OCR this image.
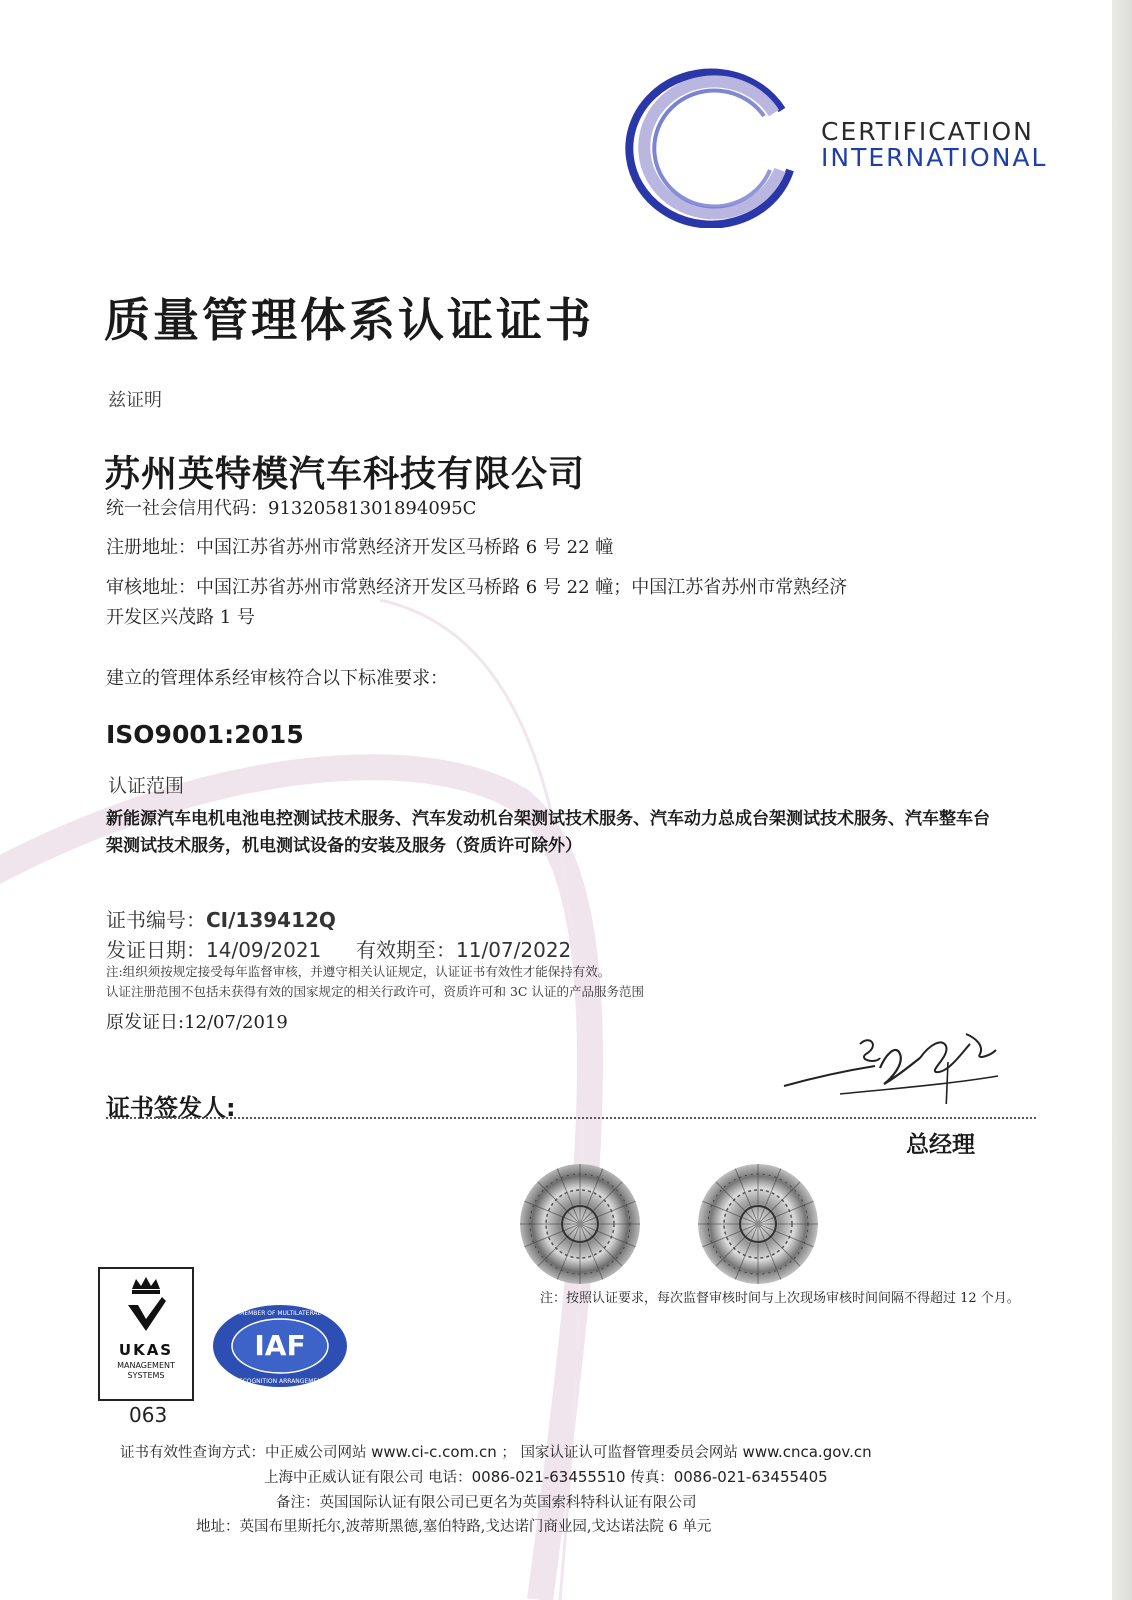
CERTIFICATION
INTERNATIONAL
质量管理体系认证证书
兹证明
苏州英特模汽车科技有限公司
统一社会信用代码：91320581301894095C
注册地址：中国江苏省苏州市常熟经济开发区马桥路 6 号 22 幢
审核地址：中国江苏省苏州市常熟经济开发区马桥路 6 号 22 幢；中国江苏省苏州市常熟经济
开发区兴茂路 1 号
建立的管理体系经审核符合以下标准要求：
ISO9001:2015
认证范围
新能源汽车电机电池电控测试技术服务、汽车发动机台架测试技术服务、汽车动力总成台架测试技术服务、汽车整车台架测试技术服务，机电测试设备的安装及服务（资质许可除外）
证书编号：CI/139412Q
发证日期：14/09/2021 有效期至：11/07/2022
注:组织须按规定接受每年监督审核，并遵守相关认证规定，认证证书有效性才能保持有效。
认证注册范围不包括未获得有效的国家规定的相关行政许可，资质许可和 3C 认证的产品服务范围
原发证日:12/07/2019
证书签发人:
总经理
注：按照认证要求，每次监督审核时间与上次现场审核时间间隔不得超过 12 个月。
UKAS
MANAGEMENT
SYSTEMS
IAF
MEMBER OF MULTILATERAL
RECOGNITION ARRANGEMENT
063
证书有效性查询方式：中正威公司网站 www.ci-c.com.cn ； 国家认证认可监督管理委员会网站 www.cnca.gov.cn
上海中正威认证有限公司 电话：0086-021-63455510 传真：0086-021-63455405
备注：英国国际认证有限公司已更名为英国索科特科认证有限公司
地址：英国布里斯托尔,波蒂斯黑德,塞伯特路,戈达诺门商业园,戈达诺法院 6 单元
